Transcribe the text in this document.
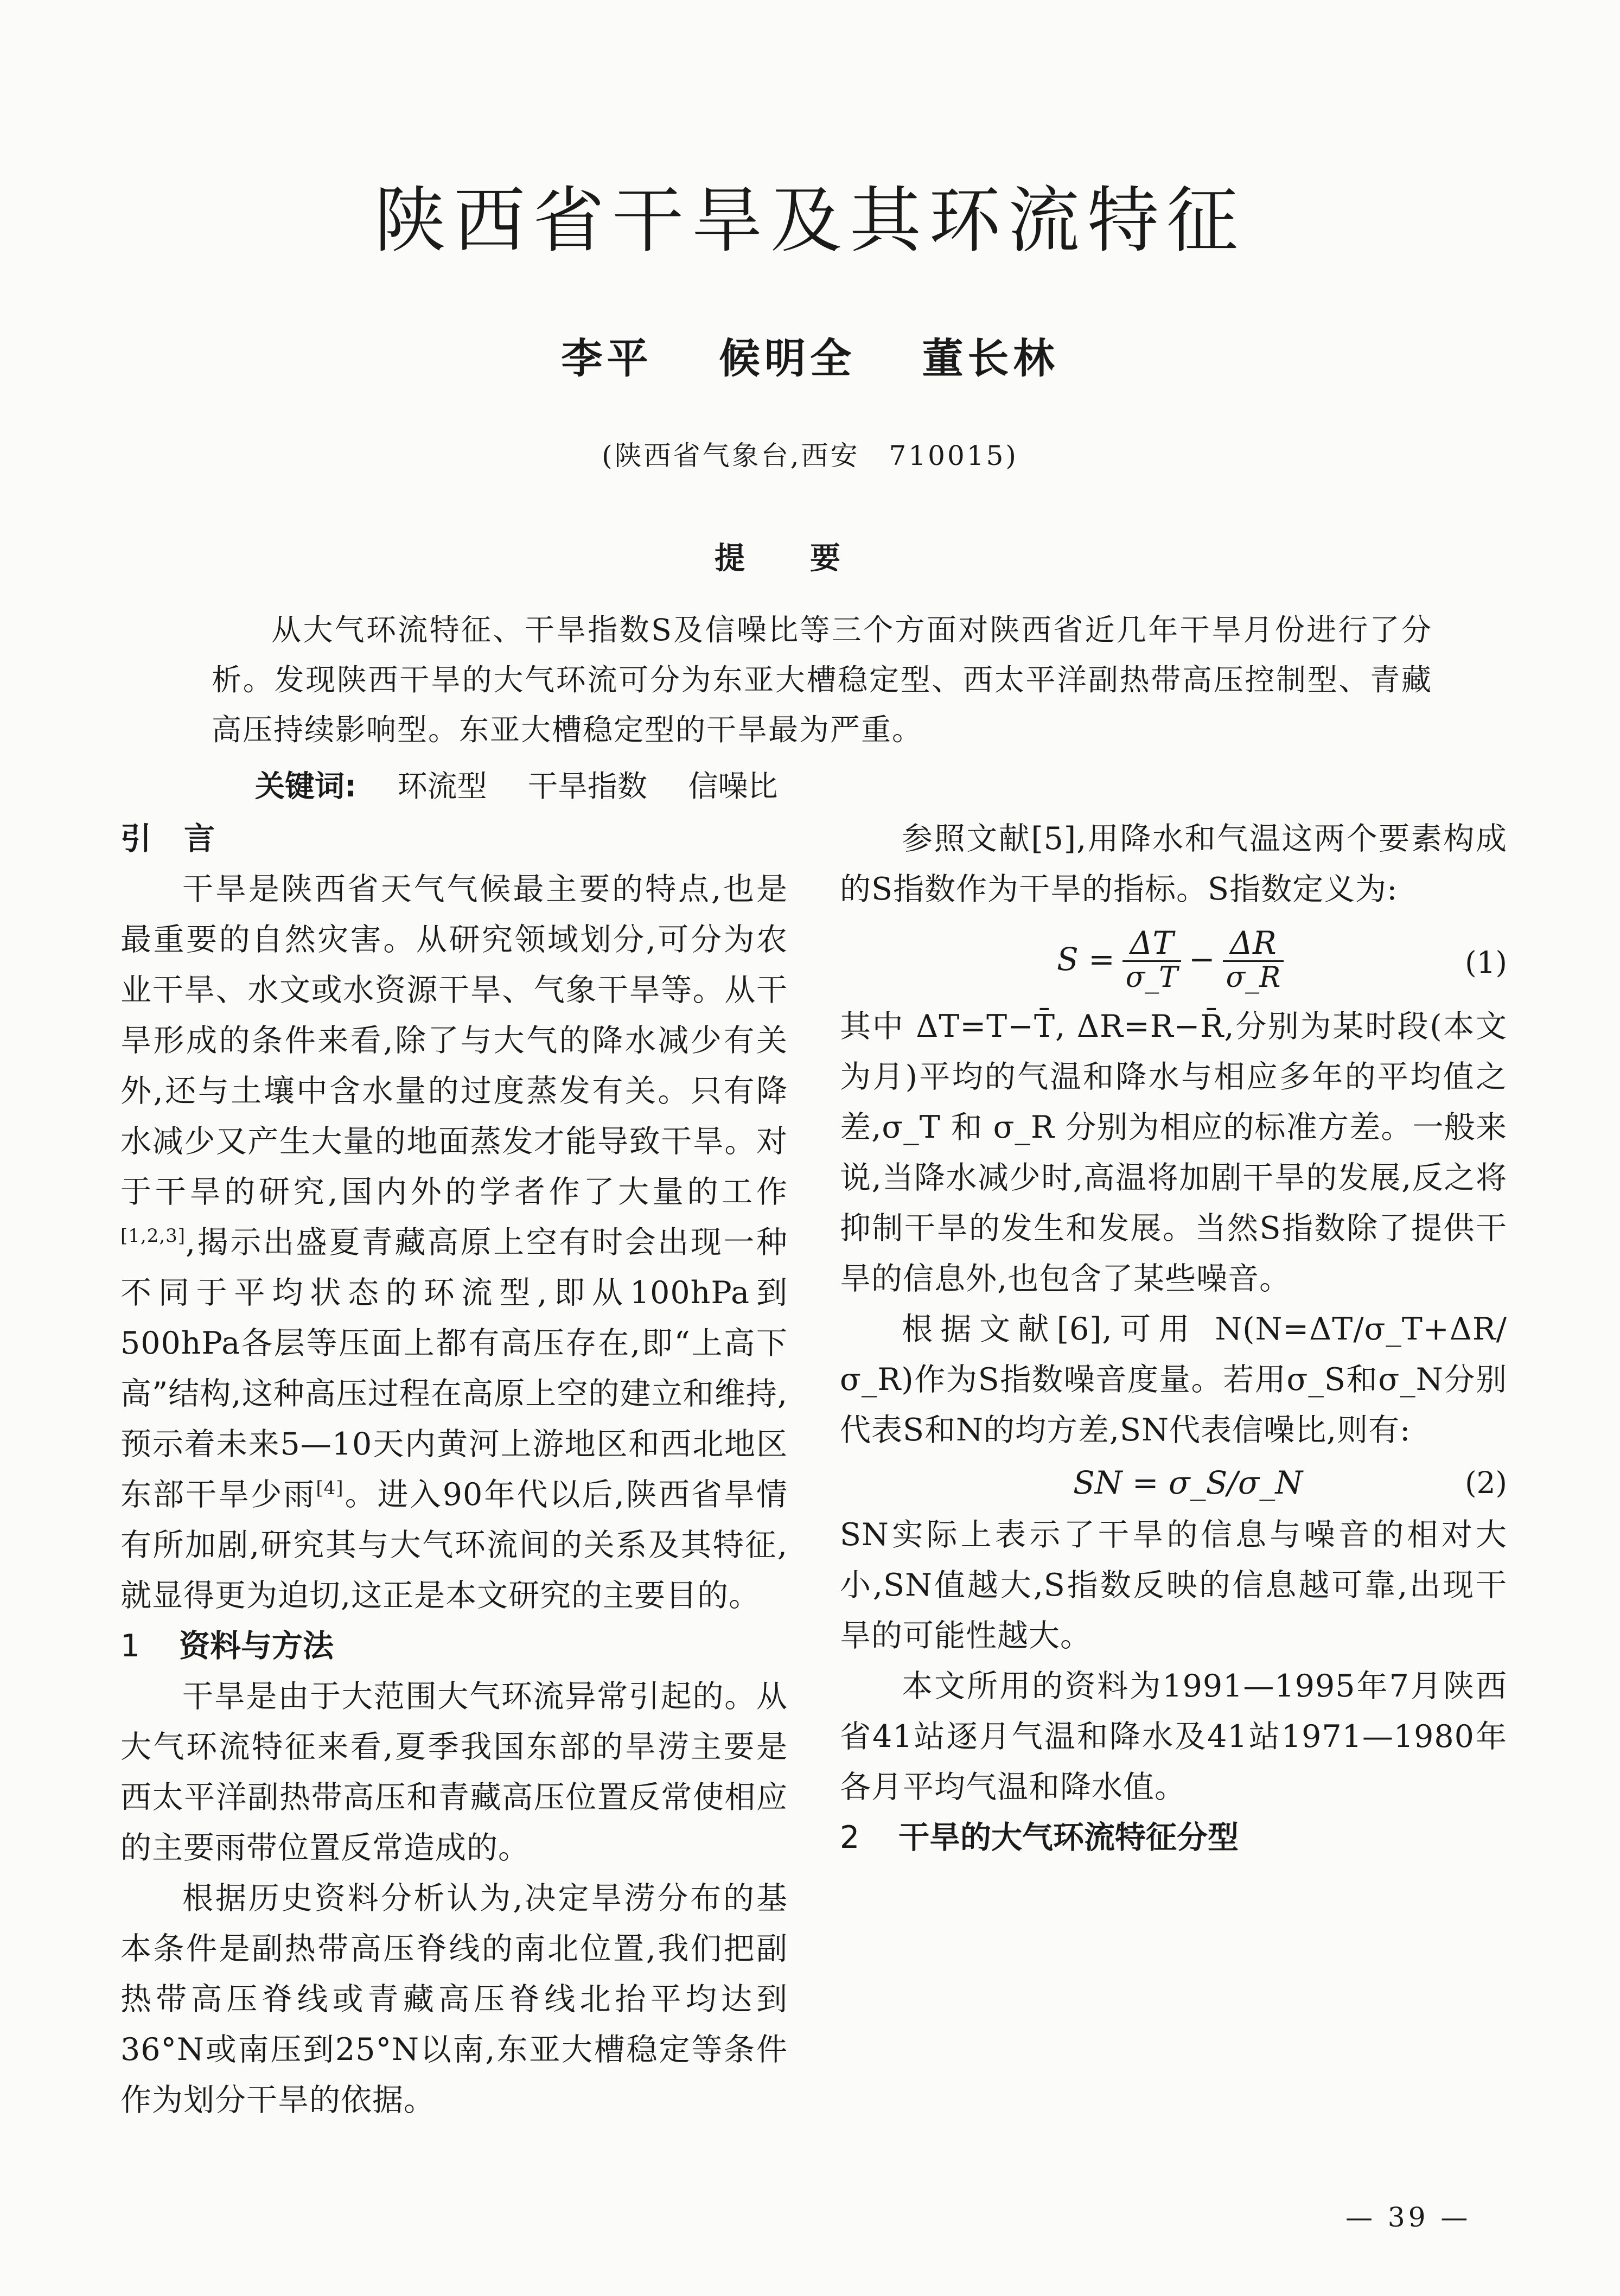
陕西省干旱及其环流特征
李平 候明全 董长林
(陕西省气象台,西安　710015)
提要

从大气环流特征、干旱指数S及信噪比等三个方面对陕西省近几年干旱月份进行了分析。发现陕西干旱的大气环流可分为东亚大槽稳定型、西太平洋副热带高压控制型、青藏高压持续影响型。东亚大槽稳定型的干旱最为严重。

关键词: 环流型 干旱指数 信噪比
引言

干旱是陕西省天气气候最主要的特点,也是最重要的自然灾害。从研究领域划分,可分为农业干旱、水文或水资源干旱、气象干旱等。从干旱形成的条件来看,除了与大气的降水减少有关外,还与土壤中含水量的过度蒸发有关。只有降水减少又产生大量的地面蒸发才能导致干旱。对于干旱的研究,国内外的学者作了大量的工作[1,2,3],揭示出盛夏青藏高原上空有时会出现一种不同于平均状态的环流型,即从100hPa到500hPa各层等压面上都有高压存在,即“上高下高”结构,这种高压过程在高原上空的建立和维持,预示着未来5—10天内黄河上游地区和西北地区东部干旱少雨[4]。进入90年代以后,陕西省旱情有所加剧,研究其与大气环流间的关系及其特征,就显得更为迫切,这正是本文研究的主要目的。

1 资料与方法

干旱是由于大范围大气环流异常引起的。从大气环流特征来看,夏季我国东部的旱涝主要是西太平洋副热带高压和青藏高压位置反常使相应的主要雨带位置反常造成的。

根据历史资料分析认为,决定旱涝分布的基本条件是副热带高压脊线的南北位置,我们把副热带高压脊线或青藏高压脊线北抬平均达到36°N或南压到25°N以南,东亚大槽稳定等条件作为划分干旱的依据。

参照文献[5],用降水和气温这两个要素构成的S指数作为干旱的指标。S指数定义为:

$S = \frac{\Delta T}{\sigma\_T} - \frac{\Delta R}{\sigma\_R}$	(1)

其中 ΔT=T−T̄, ΔR=R−R̄,分别为某时段(本文为月)平均的气温和降水与相应多年的平均值之差,σ_T 和 σ_R 分别为相应的标准方差。一般来说,当降水减少时,高温将加剧干旱的发展,反之将抑制干旱的发生和发展。当然S指数除了提供干旱的信息外,也包含了某些噪音。

根据文献[6],可用 N(N=ΔT/σ_T+ΔR/σ_R)作为S指数噪音度量。若用σ_S和σ_N分别代表S和N的均方差,SN代表信噪比,则有:

SN = σ_S/σ_N	(2)

SN实际上表示了干旱的信息与噪音的相对大小,SN值越大,S指数反映的信息越可靠,出现干旱的可能性越大。

本文所用的资料为1991—1995年7月陕西省41站逐月气温和降水及41站1971—1980年各月平均气温和降水值。

2 干旱的大气环流特征分型
— 39 —
